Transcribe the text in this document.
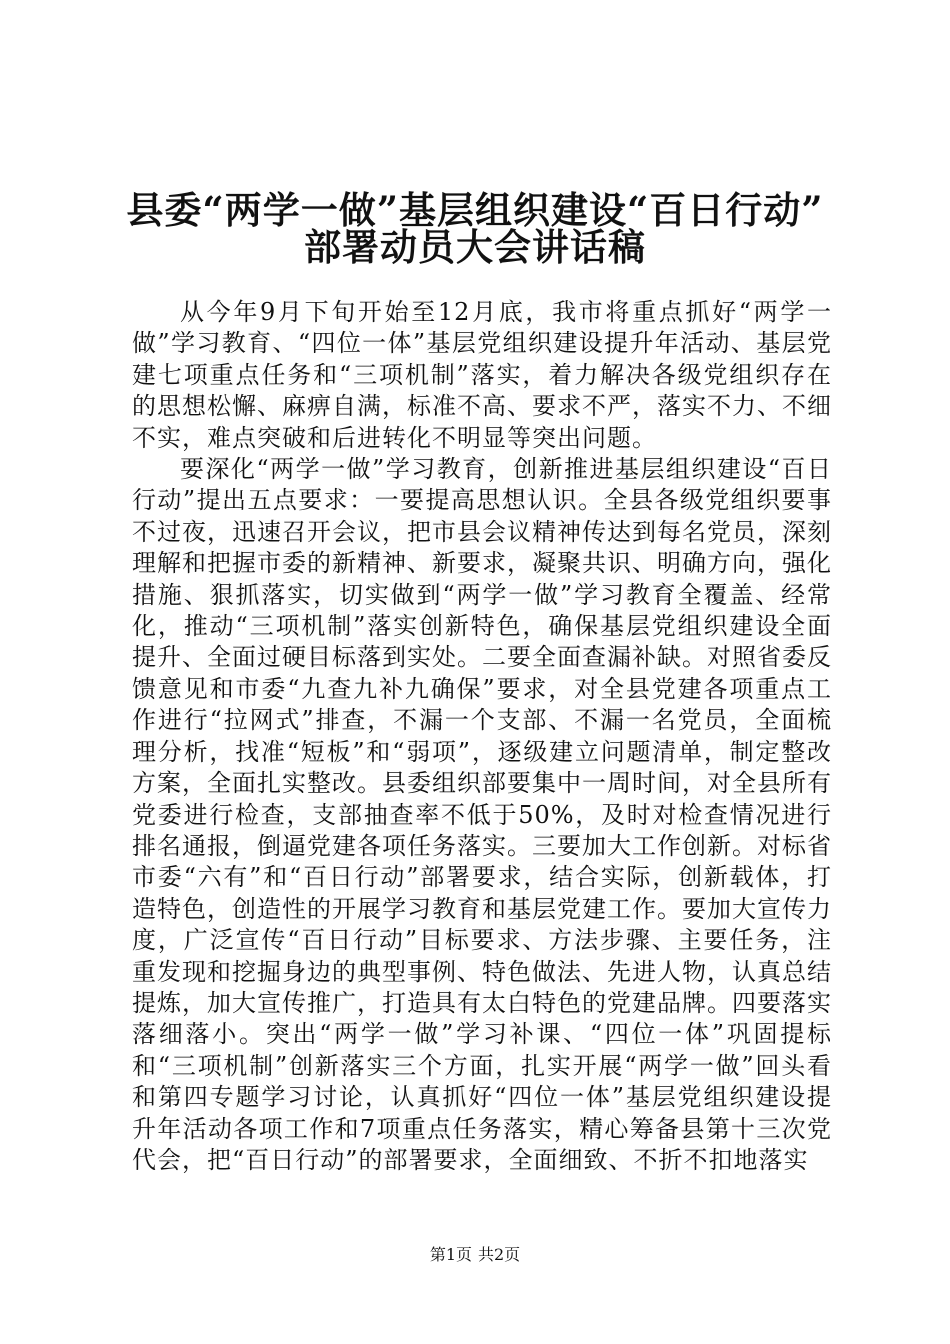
县委“两学一做”基层组织建设“百日行动”
部署动员大会讲话稿

从今年9月下旬开始至12月底，我市将重点抓好“两学一做”学习教育、“四位一体”基层党组织建设提升年活动、基层党建七项重点任务和“三项机制”落实，着力解决各级党组织存在的思想松懈、麻痹自满，标准不高、要求不严，落实不力、不细不实，难点突破和后进转化不明显等突出问题。

要深化“两学一做”学习教育，创新推进基层组织建设“百日行动”提出五点要求：一要提高思想认识。全县各级党组织要事不过夜，迅速召开会议，把市县会议精神传达到每名党员，深刻理解和把握市委的新精神、新要求，凝聚共识、明确方向，强化措施、狠抓落实，切实做到“两学一做”学习教育全覆盖、经常化，推动“三项机制”落实创新特色，确保基层党组织建设全面提升、全面过硬目标落到实处。二要全面查漏补缺。对照省委反馈意见和市委“九查九补九确保”要求，对全县党建各项重点工作进行“拉网式”排查，不漏一个支部、不漏一名党员，全面梳理分析，找准“短板”和“弱项”，逐级建立问题清单，制定整改方案，全面扎实整改。县委组织部要集中一周时间，对全县所有党委进行检查，支部抽查率不低于50%，及时对检查情况进行排名通报，倒逼党建各项任务落实。三要加大工作创新。对标省市委“六有”和“百日行动”部署要求，结合实际，创新载体，打造特色，创造性的开展学习教育和基层党建工作。要加大宣传力度，广泛宣传“百日行动”目标要求、方法步骤、主要任务，注重发现和挖掘身边的典型事例、特色做法、先进人物，认真总结提炼，加大宣传推广，打造具有太白特色的党建品牌。四要落实落细落小。突出“两学一做”学习补课、“四位一体”巩固提标和“三项机制”创新落实三个方面，扎实开展“两学一做”回头看和第四专题学习讨论，认真抓好“四位一体”基层党组织建设提升年活动各项工作和7项重点任务落实，精心筹备县第十三次党代会，把“百日行动”的部署要求，全面细致、不折不扣地落实

第1页 共2页
